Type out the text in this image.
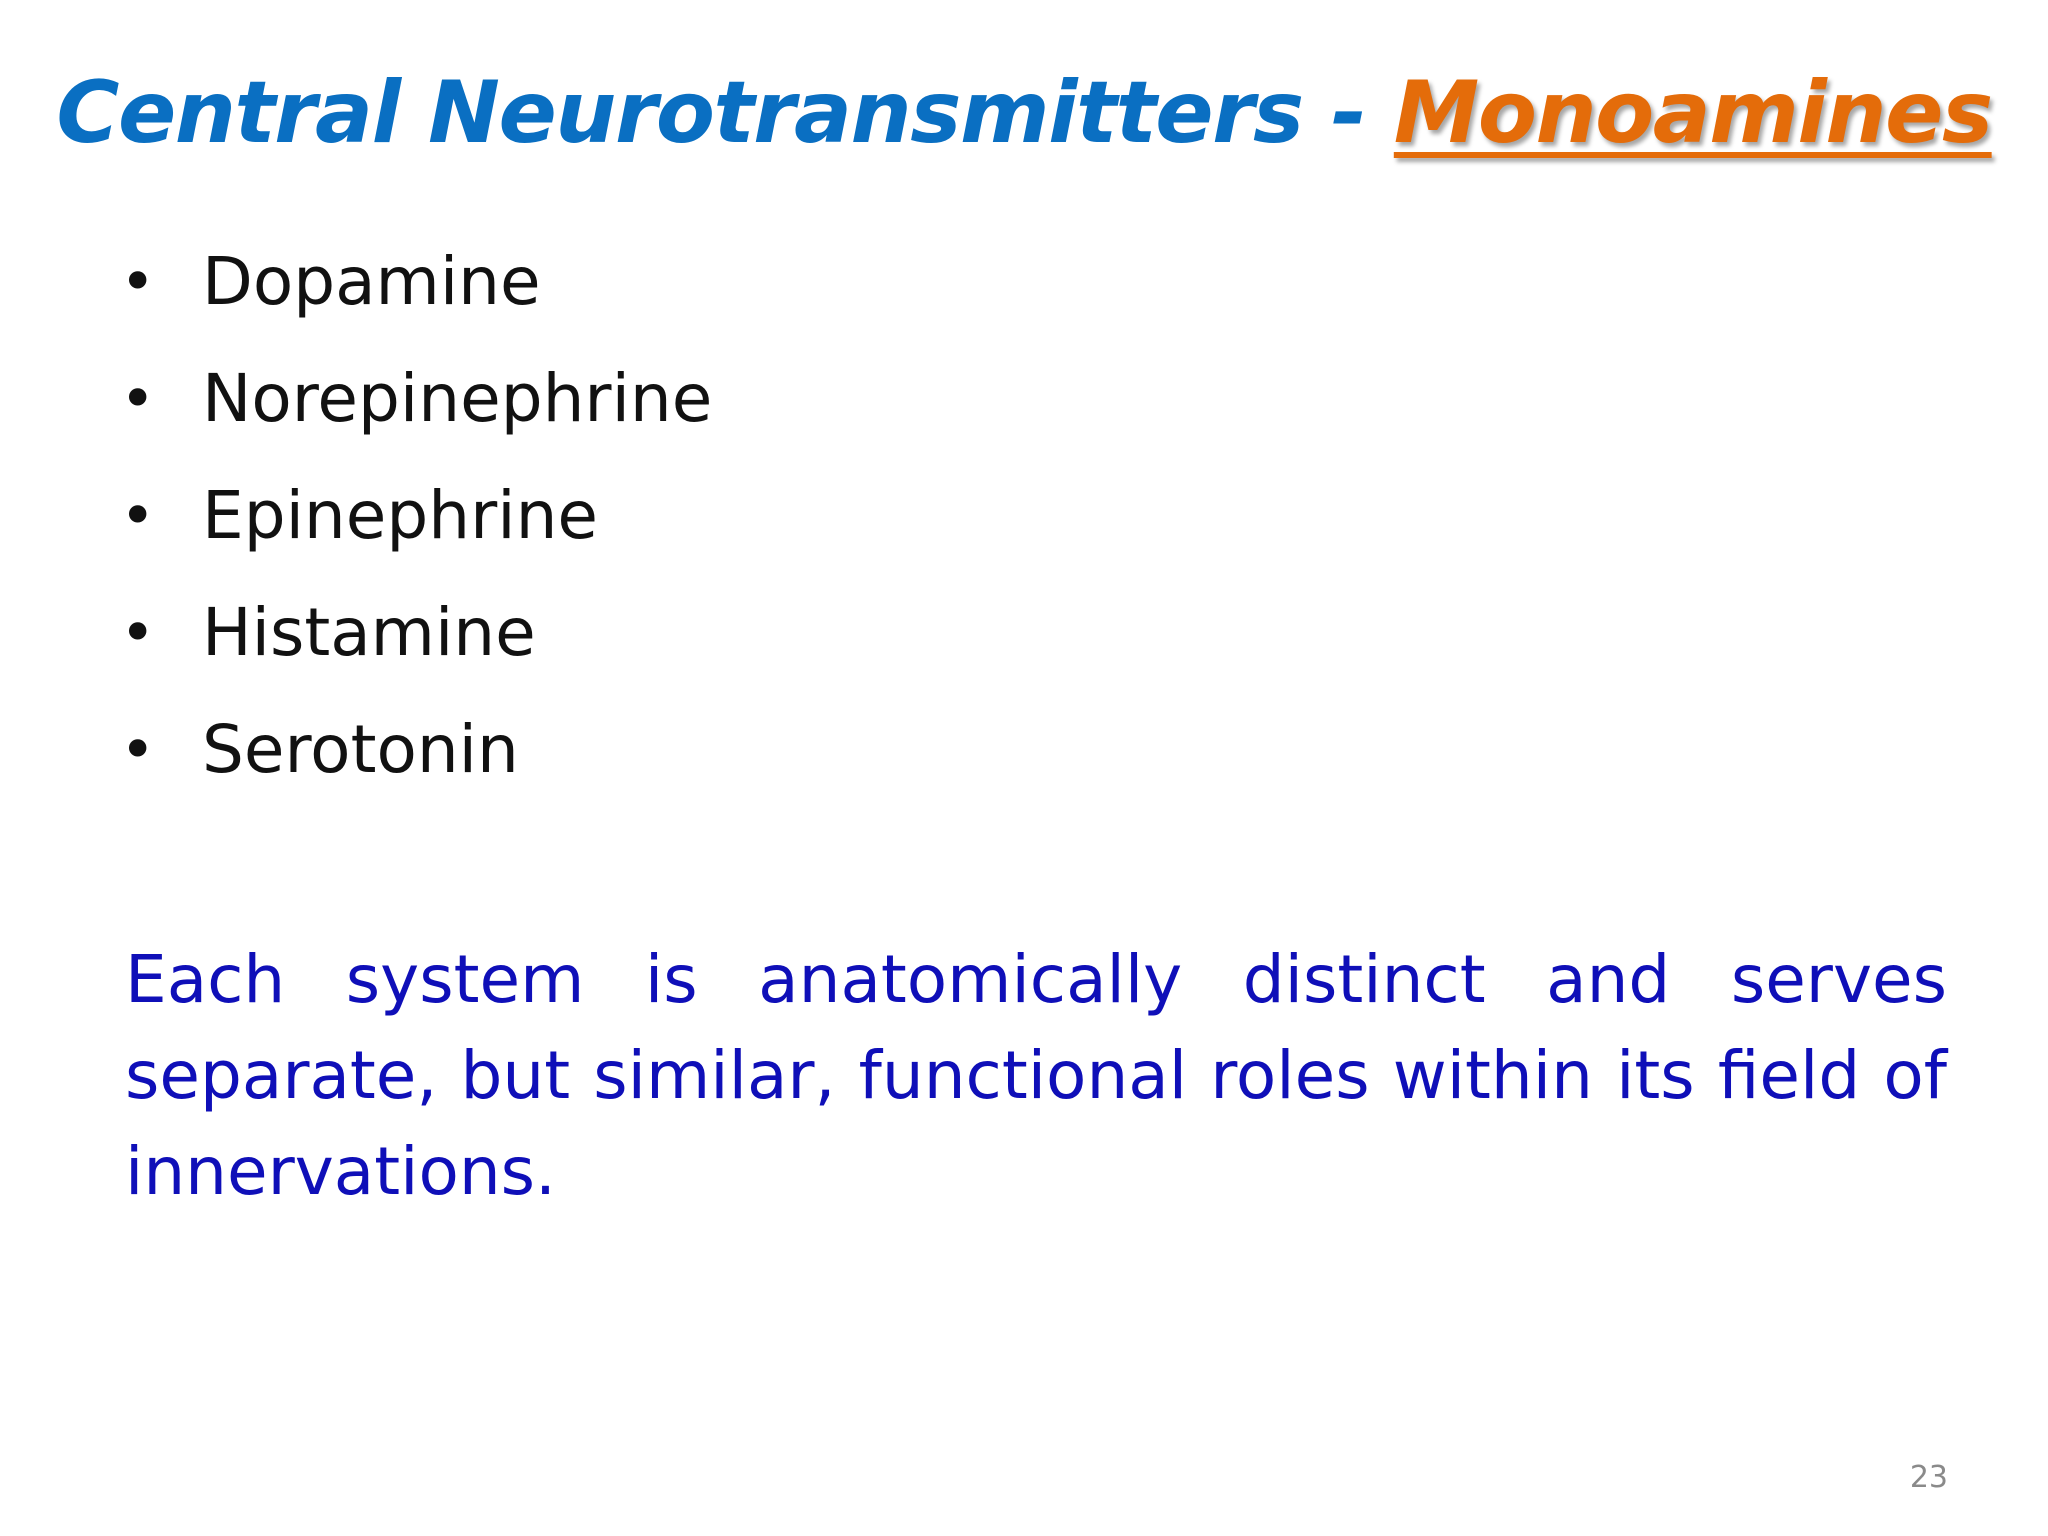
Central Neurotransmitters - Monoamines
• Dopamine
• Norepinephrine
• Epinephrine
• Histamine
• Serotonin

Each system is anatomically distinct and serves separate, but similar, functional roles within its field of innervations.

23
